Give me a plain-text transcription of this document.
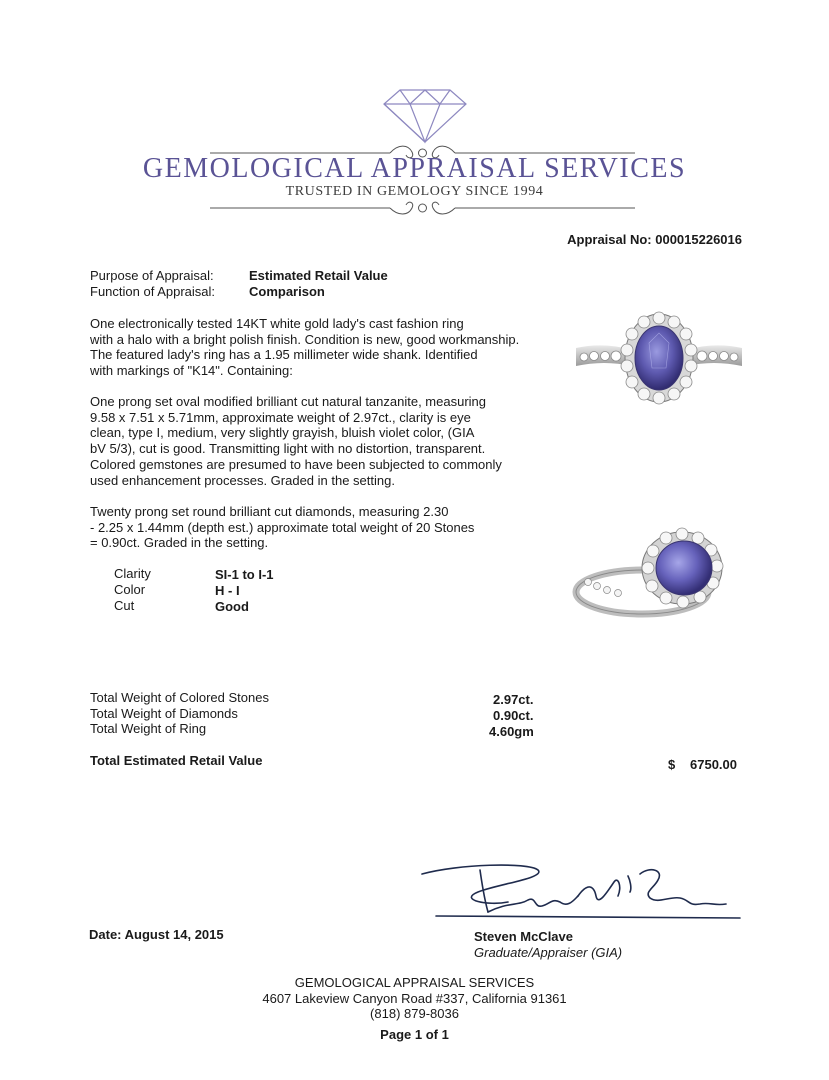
GEMOLOGICAL APPRAISAL SERVICES
TRUSTED IN GEMOLOGY SINCE 1994
Appraisal No: 000015226016
Purpose of Appraisal:	Estimated Retail Value
Function of Appraisal:	Comparison
One electronically tested 14KT white gold lady's cast fashion ring
with a halo with a bright polish finish. Condition is new, good workmanship.
The featured lady's ring has a 1.95 millimeter wide shank. Identified
with markings of "K14". Containing:
One prong set oval modified brilliant cut natural tanzanite, measuring
9.58 x 7.51 x 5.71mm, approximate weight of 2.97ct., clarity is eye
clean, type I, medium, very slightly grayish, bluish violet color, (GIA
bV 5/3), cut is good. Transmitting light with no distortion, transparent.
Colored gemstones are presumed to have been subjected to commonly
used enhancement processes. Graded in the setting.
Twenty prong set round brilliant cut diamonds, measuring 2.30
- 2.25 x 1.44mm (depth est.) approximate total weight of 20 Stones
= 0.90ct. Graded in the setting.
Clarity	SI-1 to I-1
Color	H - I
Cut	Good
Total Weight of Colored Stones	2.97ct.
Total Weight of Diamonds	0.90ct.
Total Weight of Ring	4.60gm
Total Estimated Retail Value	$ 6750.00
Date: August 14, 2015	Steven McClave
Graduate/Appraiser (GIA)
GEMOLOGICAL APPRAISAL SERVICES
4607 Lakeview Canyon Road #337, California 91361
(818) 879-8036
Page 1 of 1
